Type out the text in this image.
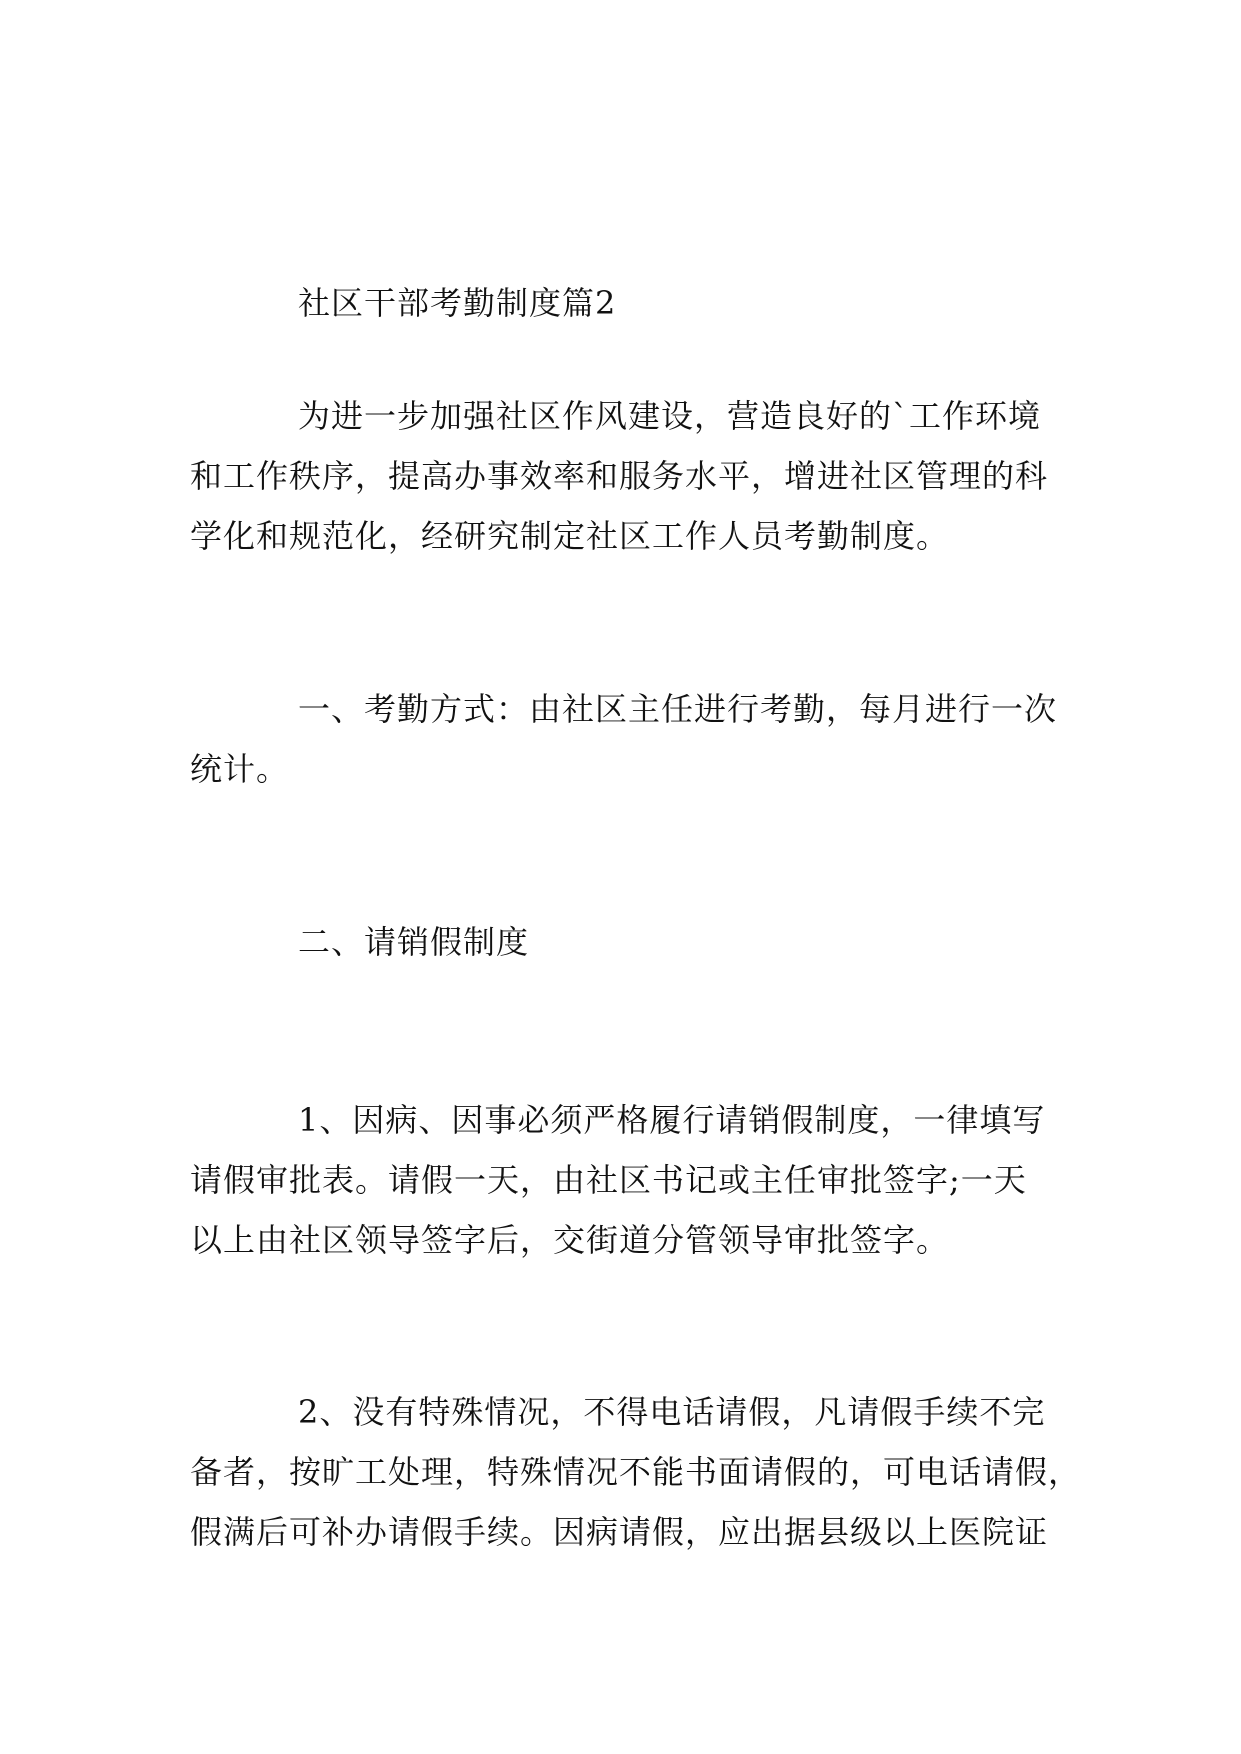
社区干部考勤制度篇2

为进一步加强社区作风建设，营造良好的`工作环境
和工作秩序，提高办事效率和服务水平，增进社区管理的科
学化和规范化，经研究制定社区工作人员考勤制度。

一、考勤方式：由社区主任进行考勤，每月进行一次
统计。

二、请销假制度

1、因病、因事必须严格履行请销假制度，一律填写
请假审批表。请假一天，由社区书记或主任审批签字;一天
以上由社区领导签字后，交街道分管领导审批签字。

2、没有特殊情况，不得电话请假，凡请假手续不完
备者，按旷工处理，特殊情况不能书面请假的，可电话请假，
假满后可补办请假手续。因病请假，应出据县级以上医院证
